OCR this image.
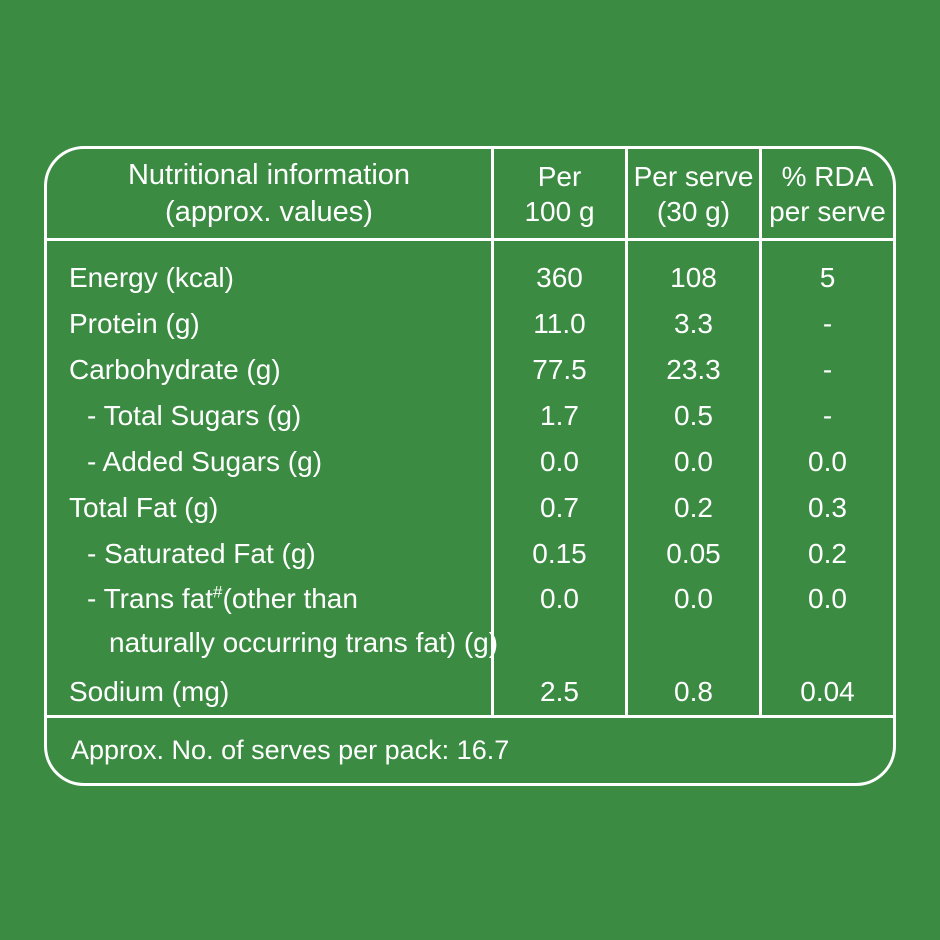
Nutritional information
(approx. values)
Per
100 g
Per serve
(30 g)
% RDA
per serve
Energy (kcal)
Protein (g)
Carbohydrate (g)
- Total Sugars (g)
- Added Sugars (g)
Total Fat (g)
- Saturated Fat (g)
- Trans fat#(other than
naturally occurring trans fat) (g)
Sodium (mg)
360
11.0
77.5
1.7
0.0
0.7
0.15
0.0
2.5
108
3.3
23.3
0.5
0.0
0.2
0.05
0.0
0.8
5
-
-
-
0.0
0.3
0.2
0.0
0.04
Approx. No. of serves per pack: 16.7
